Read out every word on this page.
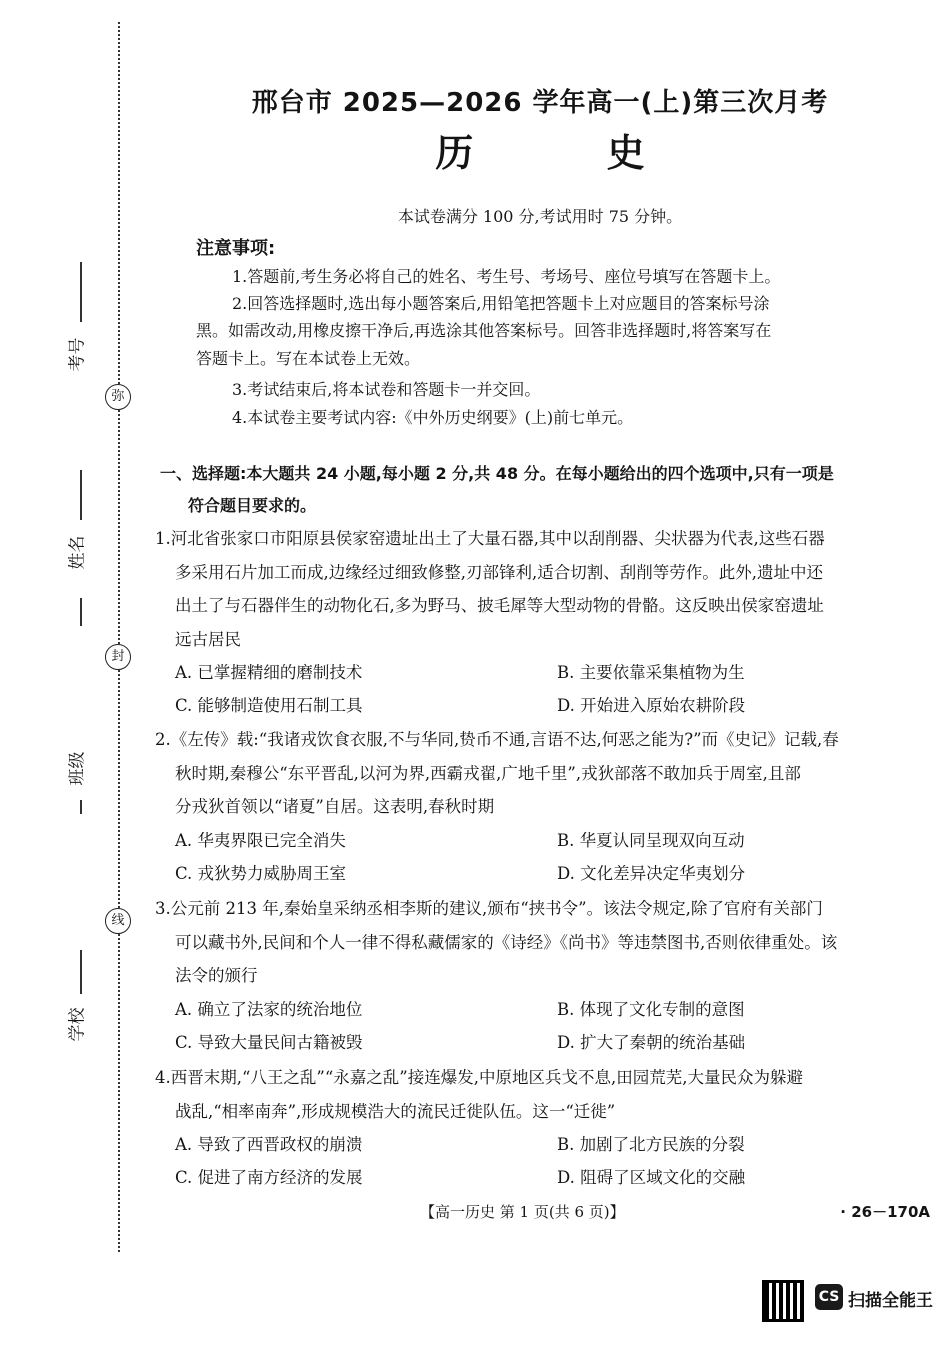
弥
封
线
考号
姓名
班级
学校
邢台市 2025—2026 学年高一(上)第三次月考
历	史
本试卷满分 100 分,考试用时 75 分钟。
注意事项:
1.答题前,考生务必将自己的姓名、考生号、考场号、座位号填写在答题卡上。
2.回答选择题时,选出每小题答案后,用铅笔把答题卡上对应题目的答案标号涂
黑。如需改动,用橡皮擦干净后,再选涂其他答案标号。回答非选择题时,将答案写在
答题卡上。写在本试卷上无效。
3.考试结束后,将本试卷和答题卡一并交回。
4.本试卷主要考试内容:《中外历史纲要》(上)前七单元。
一、选择题:本大题共 24 小题,每小题 2 分,共 48 分。在每小题给出的四个选项中,只有一项是
符合题目要求的。
1.河北省张家口市阳原县侯家窑遗址出土了大量石器,其中以刮削器、尖状器为代表,这些石器
多采用石片加工而成,边缘经过细致修整,刃部锋利,适合切割、刮削等劳作。此外,遗址中还
出土了与石器伴生的动物化石,多为野马、披毛犀等大型动物的骨骼。这反映出侯家窑遗址
远古居民
A. 已掌握精细的磨制技术	B. 主要依靠采集植物为生
C. 能够制造使用石制工具	D. 开始进入原始农耕阶段
2.《左传》载:“我诸戎饮食衣服,不与华同,贽币不通,言语不达,何恶之能为?”而《史记》记载,春
秋时期,秦穆公“东平晋乱,以河为界,西霸戎翟,广地千里”,戎狄部落不敢加兵于周室,且部
分戎狄首领以“诸夏”自居。这表明,春秋时期
A. 华夷界限已完全消失	B. 华夏认同呈现双向互动
C. 戎狄势力威胁周王室	D. 文化差异决定华夷划分
3.公元前 213 年,秦始皇采纳丞相李斯的建议,颁布“挟书令”。该法令规定,除了官府有关部门
可以藏书外,民间和个人一律不得私藏儒家的《诗经》《尚书》等违禁图书,否则依律重处。该
法令的颁行
A. 确立了法家的统治地位	B. 体现了文化专制的意图
C. 导致大量民间古籍被毁	D. 扩大了秦朝的统治基础
4.西晋末期,“八王之乱”“永嘉之乱”接连爆发,中原地区兵戈不息,田园荒芜,大量民众为躲避
战乱,“相率南奔”,形成规模浩大的流民迁徙队伍。这一“迁徙”
A. 导致了西晋政权的崩溃	B. 加剧了北方民族的分裂
C. 促进了南方经济的发展	D. 阻碍了区域文化的交融
【高一历史 第 1 页(共 6 页)】	· 26－170A
CS 扫描全能王
